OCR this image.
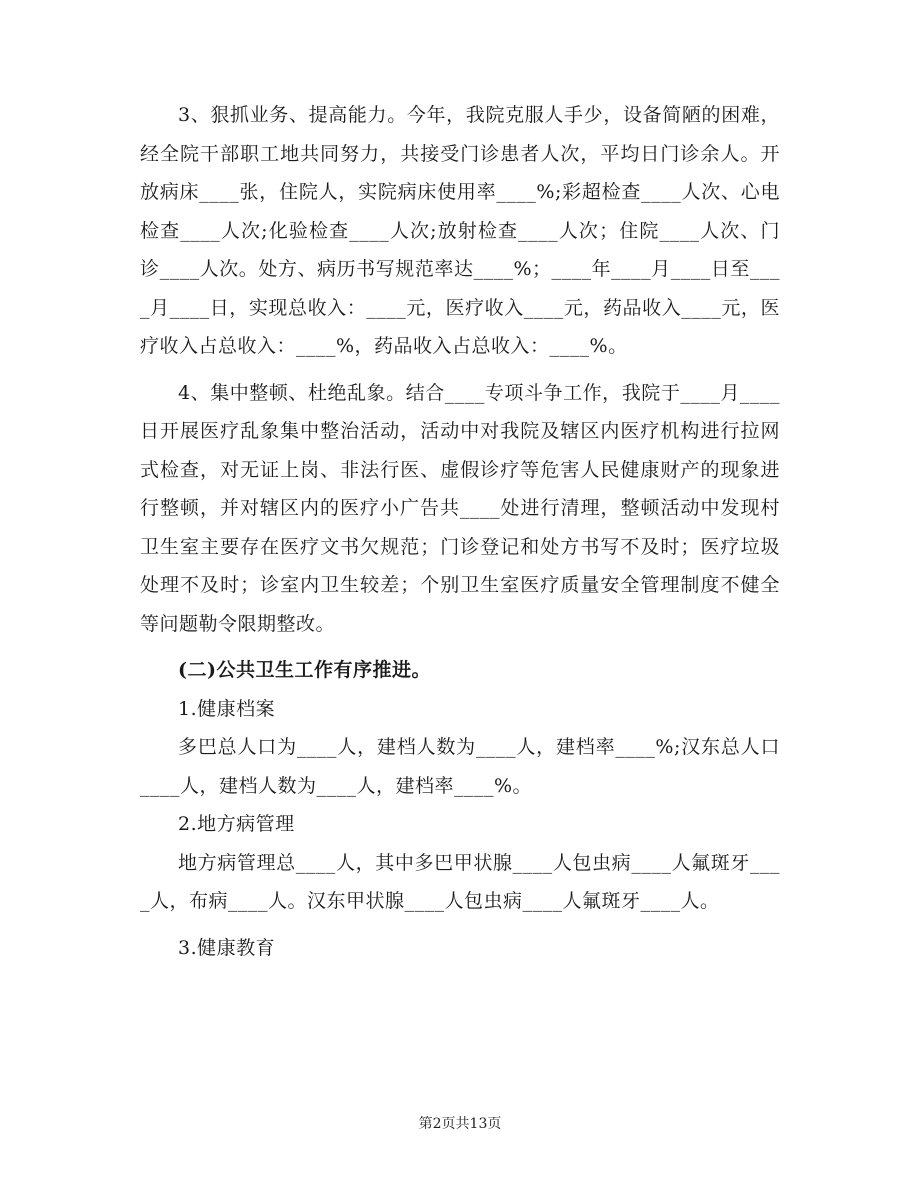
3、狠抓业务、提高能力。今年，我院克服人手少，设备简陋的困难，经全院干部职工地共同努力，共接受门诊患者人次，平均日门诊余人。开放病床____张，住院人，实院病床使用率____%;彩超检查____人次、心电检查____人次;化验检查____人次;放射检查____人次；住院____人次、门诊____人次。处方、病历书写规范率达____%；____年____月____日至____月____日，实现总收入：____元，医疗收入____元，药品收入____元，医疗收入占总收入：____%，药品收入占总收入：____%。

4、集中整顿、杜绝乱象。结合____专项斗争工作，我院于____月____日开展医疗乱象集中整治活动，活动中对我院及辖区内医疗机构进行拉网式检查，对无证上岗、非法行医、虚假诊疗等危害人民健康财产的现象进行整顿，并对辖区内的医疗小广告共____处进行清理，整顿活动中发现村卫生室主要存在医疗文书欠规范；门诊登记和处方书写不及时；医疗垃圾处理不及时；诊室内卫生较差；个别卫生室医疗质量安全管理制度不健全等问题勒令限期整改。

(二)公共卫生工作有序推进。

1.健康档案

多巴总人口为____人，建档人数为____人，建档率____%;汉东总人口____人，建档人数为____人，建档率____%。

2.地方病管理

地方病管理总____人，其中多巴甲状腺____人包虫病____人氟斑牙____人，布病____人。汉东甲状腺____人包虫病____人氟斑牙____人。

3.健康教育

第2页共13页
